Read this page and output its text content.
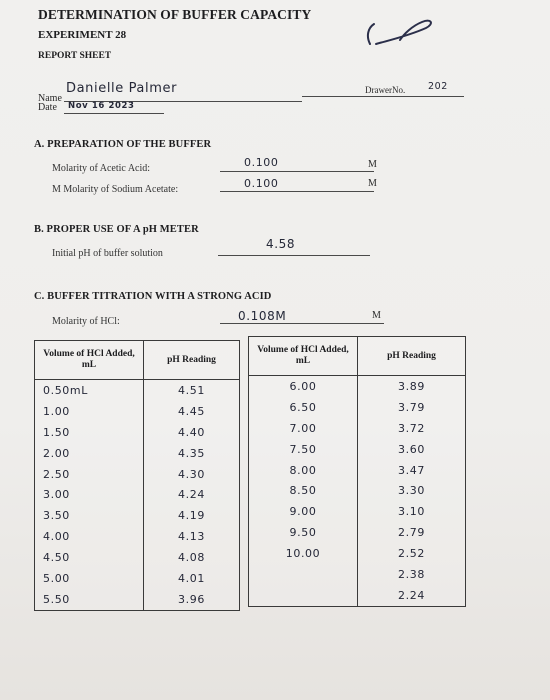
DETERMINATION OF BUFFER CAPACITY
EXPERIMENT 28
REPORT SHEET
Name
Danielle Palmer
Date Nov 16 2023
DrawerNo. 202
A. PREPARATION OF THE BUFFER
Molarity of Acetic Acid:	0.100	M
M Molarity of Sodium Acetate:	0.100	M
B. PROPER USE OF A pH METER
Initial pH of buffer solution
4.58
C. BUFFER TITRATION WITH A STRONG ACID
Molarity of HCl:	0.108M	M
Volume of HCl Added, mL	pH Reading
0.50mL	4.51
1.00	4.45
1.50	4.40
2.00	4.35
2.50	4.30
3.00	4.24
3.50	4.19
4.00	4.13
4.50	4.08
5.00	4.01
5.50	3.96
Volume of HCl Added, mL	pH Reading
6.00	3.89
6.50	3.79
7.00	3.72
7.50	3.60
8.00	3.47
8.50	3.30
9.00	3.10
9.50	2.79
10.00	2.52
	2.38
	2.24
